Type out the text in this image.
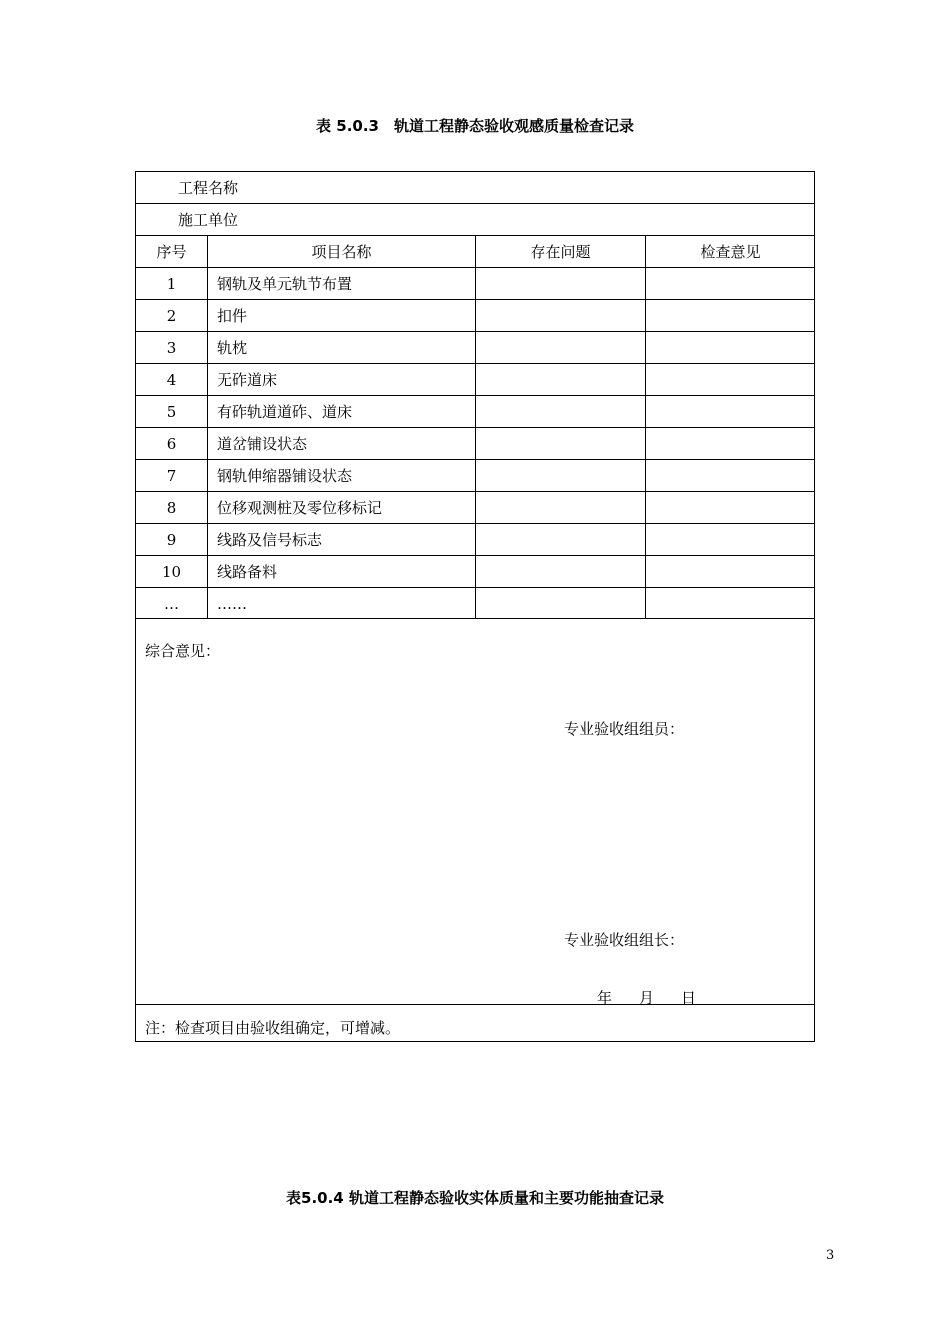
表 5.0.3　轨道工程静态验收观感质量检查记录
工程名称
施工单位
序号	项目名称	存在问题	检查意见
1	钢轨及单元轨节布置
2	扣件
3	轨枕
4	无砟道床
5	有砟轨道道砟、道床
6	道岔铺设状态
7	钢轨伸缩器铺设状态
8	位移观测桩及零位移标记
9	线路及信号标志
10	线路备料
…	……
综合意见：
专业验收组组员：
专业验收组组长：
年 月 日
注：检查项目由验收组确定，可增减。
表5.0.4 轨道工程静态验收实体质量和主要功能抽查记录
3
